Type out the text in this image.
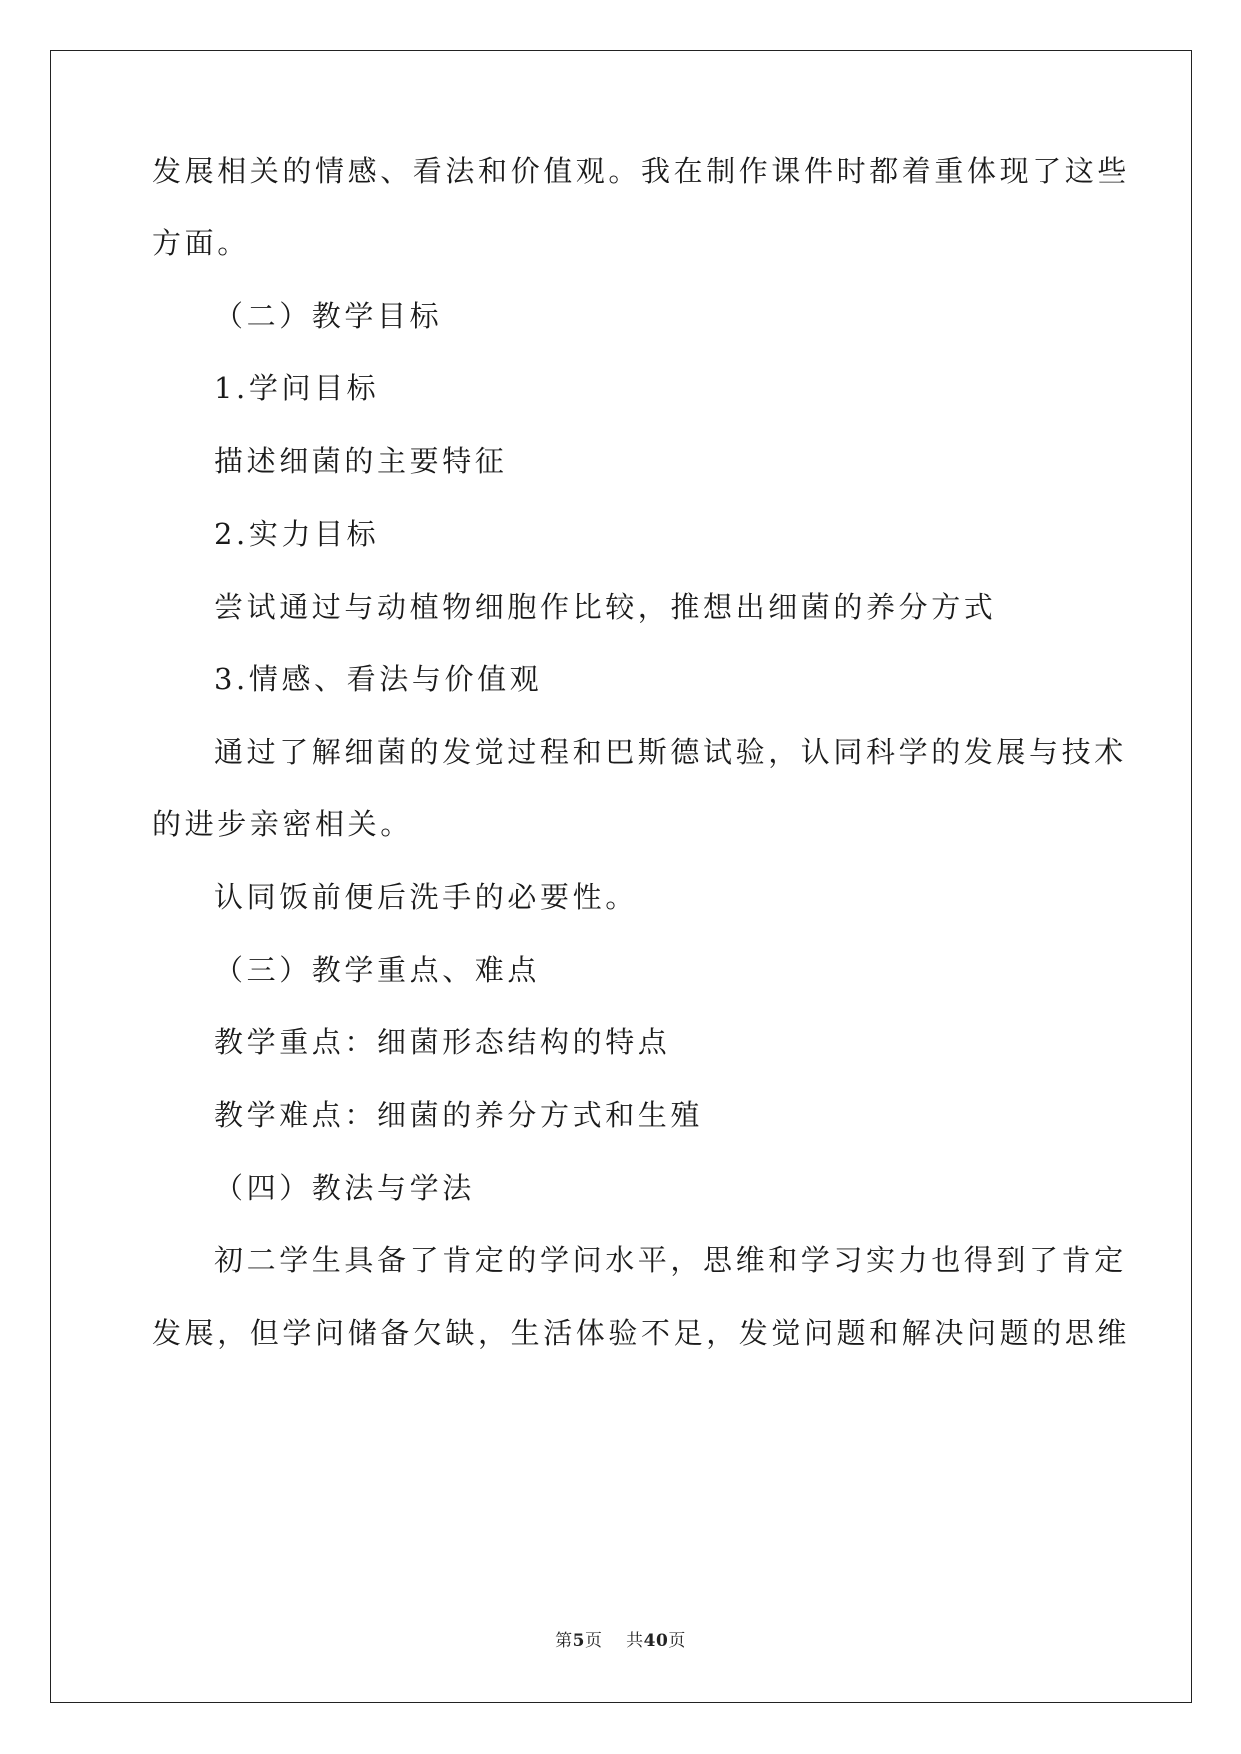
发展相关的情感、看法和价值观。我在制作课件时都着重体现了这些
方面。
（二）教学目标
1.学问目标
描述细菌的主要特征
2.实力目标
尝试通过与动植物细胞作比较，推想出细菌的养分方式
3.情感、看法与价值观
通过了解细菌的发觉过程和巴斯德试验，认同科学的发展与技术
的进步亲密相关。
认同饭前便后洗手的必要性。
（三）教学重点、难点
教学重点：细菌形态结构的特点
教学难点：细菌的养分方式和生殖
（四）教法与学法
初二学生具备了肯定的学问水平，思维和学习实力也得到了肯定
发展，但学问储备欠缺，生活体验不足，发觉问题和解决问题的思维
第5页 共40页
